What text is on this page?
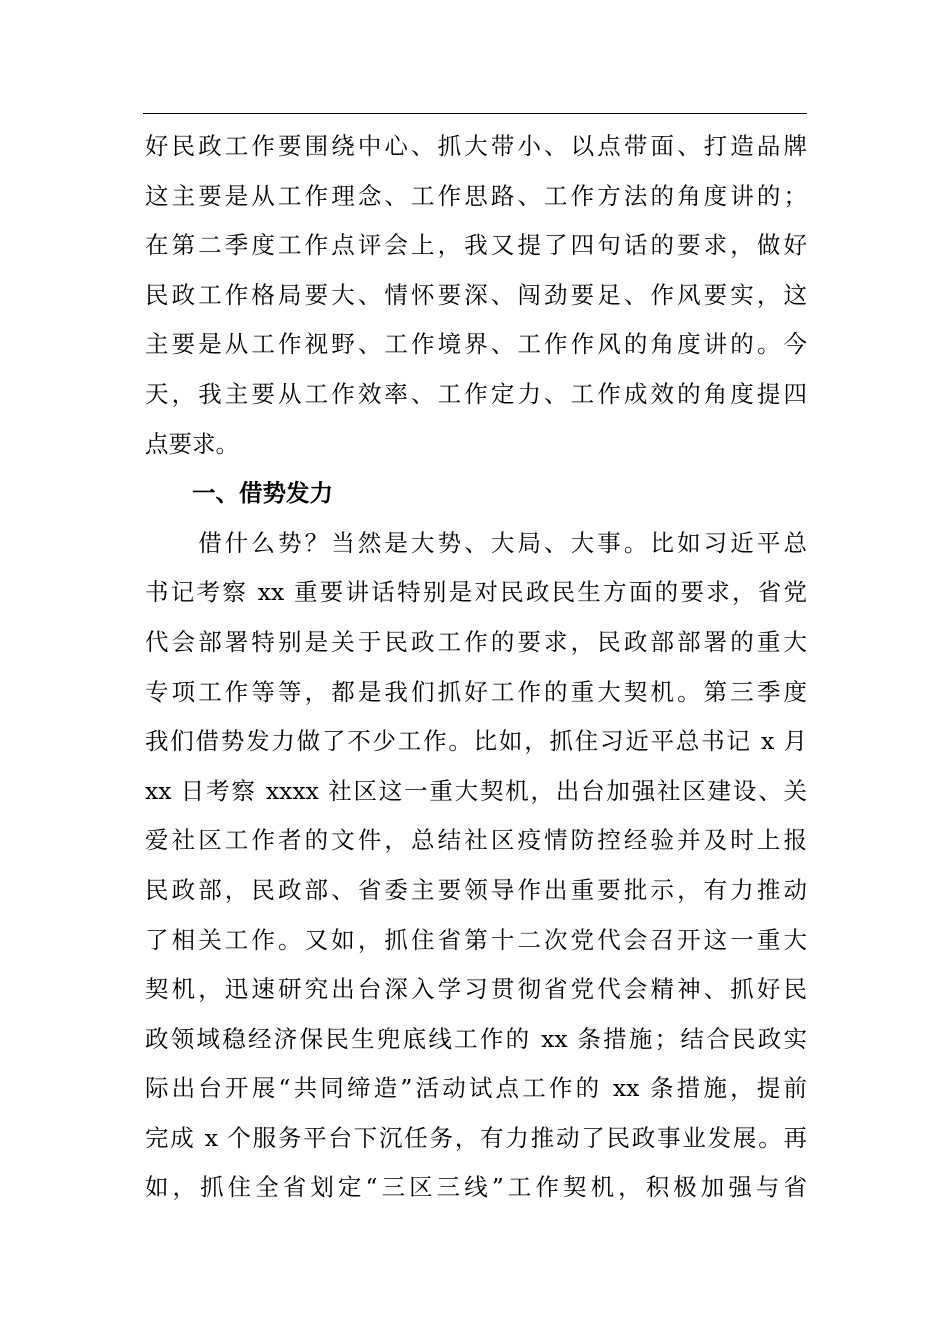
好民政工作要围绕中心、抓大带小、以点带面、打造品牌
这主要是从工作理念、工作思路、工作方法的角度讲的；
在第二季度工作点评会上，我又提了四句话的要求，做好
民政工作格局要大、情怀要深、闯劲要足、作风要实，这
主要是从工作视野、工作境界、工作作风的角度讲的。今
天，我主要从工作效率、工作定力、工作成效的角度提四
点要求。
一、借势发力
　　借什么势？当然是大势、大局、大事。比如习近平总
书记考察 xx 重要讲话特别是对民政民生方面的要求，省党
代会部署特别是关于民政工作的要求，民政部部署的重大
专项工作等等，都是我们抓好工作的重大契机。第三季度
我们借势发力做了不少工作。比如，抓住习近平总书记 x 月
xx 日考察 xxxx 社区这一重大契机，出台加强社区建设、关
爱社区工作者的文件，总结社区疫情防控经验并及时上报
民政部，民政部、省委主要领导作出重要批示，有力推动
了相关工作。又如，抓住省第十二次党代会召开这一重大
契机，迅速研究出台深入学习贯彻省党代会精神、抓好民
政领域稳经济保民生兜底线工作的 xx 条措施；结合民政实
际出台开展“共同缔造”活动试点工作的 xx 条措施，提前
完成 x 个服务平台下沉任务，有力推动了民政事业发展。再
如，抓住全省划定“三区三线”工作契机，积极加强与省
